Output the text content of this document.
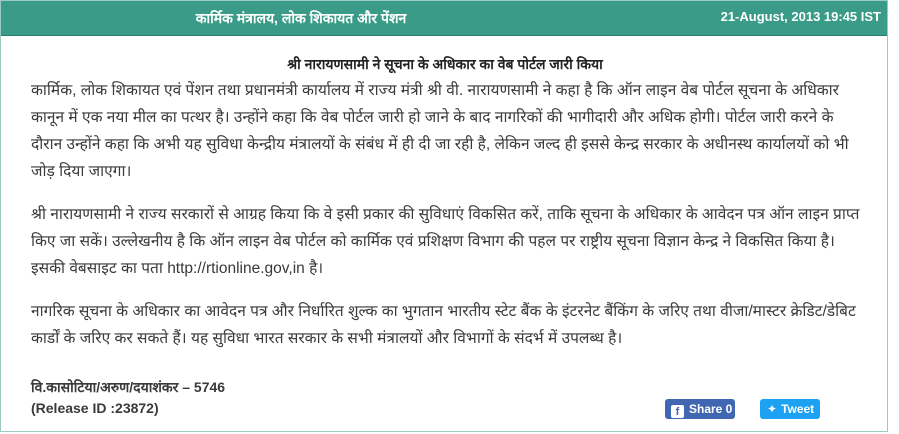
कार्मिक मंत्रालय, लोक शिकायत और पेंशन	21-August, 2013 19:45 IST
श्री नारायणसामी ने सूचना के अधिकार का वेब पोर्टल जारी किया

कार्मिक, लोक शिकायत एवं पेंशन तथा प्रधानमंत्री कार्यालय में राज्य मंत्री श्री वी. नारायणसामी ने कहा है कि ऑन लाइन वेब पोर्टल सूचना के अधिकार कानून में एक नया मील का पत्थर है। उन्होंने कहा कि वेब पोर्टल जारी हो जाने के बाद नागरिकों की भागीदारी और अधिक होगी। पोर्टल जारी करने के दौरान उन्होंने कहा कि अभी यह सुविधा केन्द्रीय मंत्रालयों के संबंध में ही दी जा रही है, लेकिन जल्द ही इससे केन्द्र सरकार के अधीनस्थ कार्यालयों को भी जोड़ दिया जाएगा।

श्री नारायणसामी ने राज्य सरकारों से आग्रह किया कि वे इसी प्रकार की सुविधाएं विकसित करें, ताकि सूचना के अधिकार के आवेदन पत्र ऑन लाइन प्राप्त किए जा सकें। उल्लेखनीय है कि ऑन लाइन वेब पोर्टल को कार्मिक एवं प्रशिक्षण विभाग की पहल पर राष्ट्रीय सूचना विज्ञान केन्द्र ने विकसित किया है। इसकी वेबसाइट का पता http://rtionline.gov,in है।

नागरिक सूचना के अधिकार का आवेदन पत्र और निर्धारित शुल्क का भुगतान भारतीय स्टेट बैंक के इंटरनेट बैंकिंग के जरिए तथा वीजा/मास्टर क्रेडिट/डेबिट कार्डों के जरिए कर सकते हैं। यह सुविधा भारत सरकार के सभी मंत्रालयों और विभागों के संदर्भ में उपलब्ध है।

वि.कासोटिया/अरुण/दयाशंकर – 5746
(Release ID :23872)	f Share 0	✦ Tweet
